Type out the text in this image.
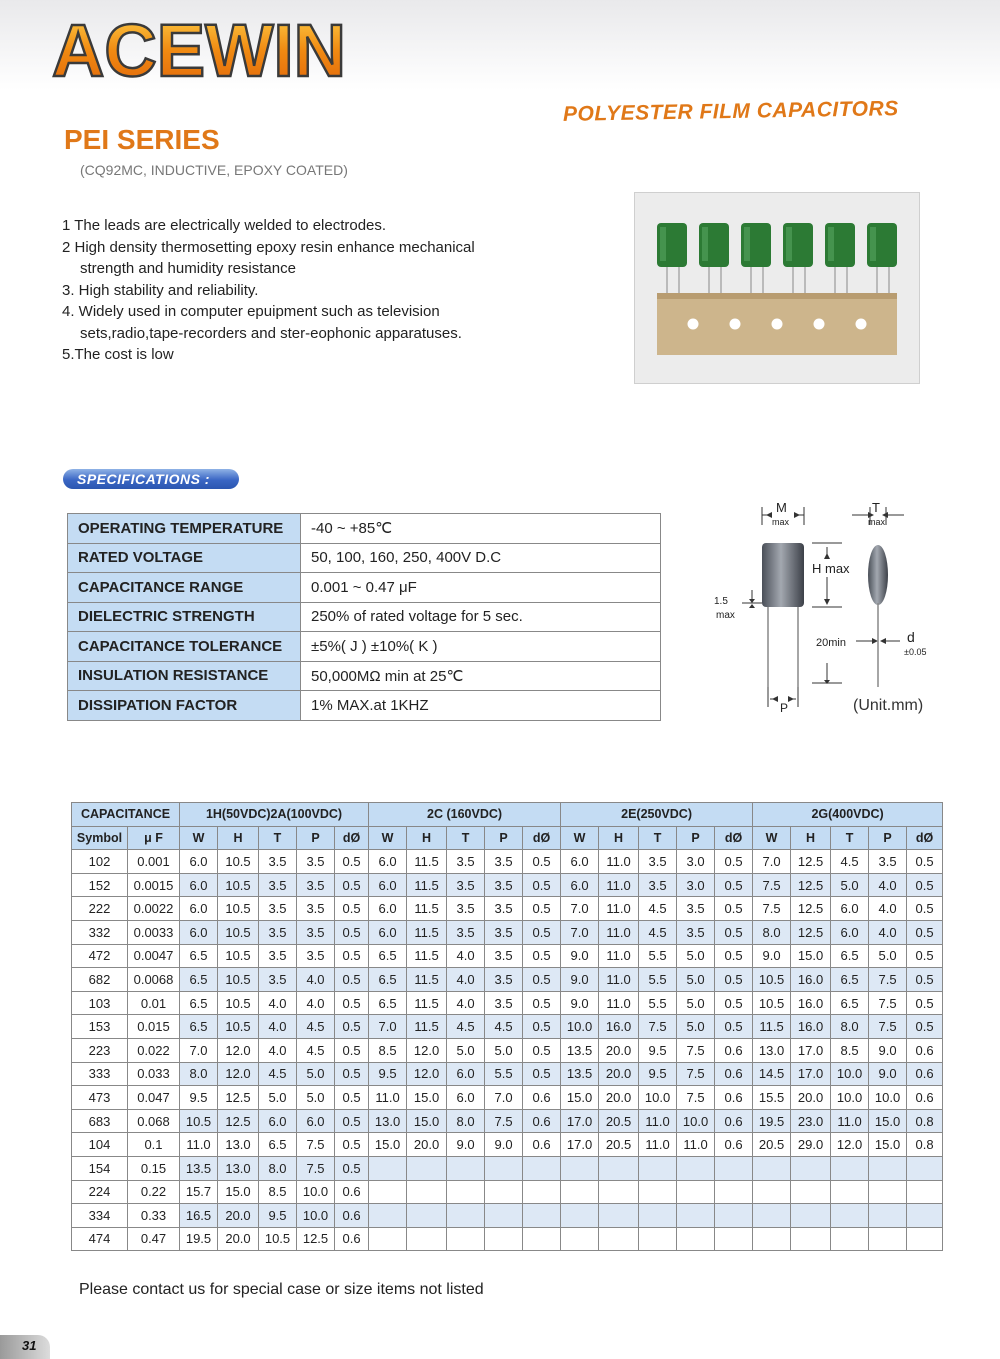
ACEWIN
POLYESTER FILM CAPACITORS
PEI SERIES
(CQ92MC, INDUCTIVE, EPOXY COATED)
1 The leads are electrically welded to electrodes.
2 High density thermosetting epoxy resin enhance mechanical strength and humidity resistance
3. High stability and reliability.
4. Widely used in computer epuipment such as television sets,radio,tape-recorders and ster-eophonic apparatuses.
5.The cost is low
SPECIFICATIONS :
OPERATING TEMPERATURE	-40 ~ +85℃
RATED VOLTAGE	50, 100, 160, 250, 400V D.C
CAPACITANCE RANGE	0.001 ~ 0.47 μF
DIELECTRIC STRENGTH	250% of rated voltage for 5 sec.
CAPACITANCE TOLERANCE	±5%( J ) ±10%( K )
INSULATION RESISTANCE	50,000MΩ min at 25℃
DISSIPATION FACTOR	1% MAX.at 1KHZ
M
max
T
max
H max
1.5
max
20min	d
±0.05
P	(Unit.mm)
CAPACITANCE		1H(50VDC)2A(100VDC)					2C (160VDC)					2E(250VDC)					2G(400VDC)				
Symbol	μ F	W	H	T	P	dØ	W	H	T	P	dØ	W	H	T	P	dØ	W	H	T	P	dØ
102	0.001	6.0	10.5	3.5	3.5	0.5	6.0	11.5	3.5	3.5	0.5	6.0	11.0	3.5	3.0	0.5	7.0	12.5	4.5	3.5	0.5
152	0.0015	6.0	10.5	3.5	3.5	0.5	6.0	11.5	3.5	3.5	0.5	6.0	11.0	3.5	3.0	0.5	7.5	12.5	5.0	4.0	0.5
222	0.0022	6.0	10.5	3.5	3.5	0.5	6.0	11.5	3.5	3.5	0.5	7.0	11.0	4.5	3.5	0.5	7.5	12.5	6.0	4.0	0.5
332	0.0033	6.0	10.5	3.5	3.5	0.5	6.0	11.5	3.5	3.5	0.5	7.0	11.0	4.5	3.5	0.5	8.0	12.5	6.0	4.0	0.5
472	0.0047	6.5	10.5	3.5	3.5	0.5	6.5	11.5	4.0	3.5	0.5	9.0	11.0	5.5	5.0	0.5	9.0	15.0	6.5	5.0	0.5
682	0.0068	6.5	10.5	3.5	4.0	0.5	6.5	11.5	4.0	3.5	0.5	9.0	11.0	5.5	5.0	0.5	10.5	16.0	6.5	7.5	0.5
103	0.01	6.5	10.5	4.0	4.0	0.5	6.5	11.5	4.0	3.5	0.5	9.0	11.0	5.5	5.0	0.5	10.5	16.0	6.5	7.5	0.5
153	0.015	6.5	10.5	4.0	4.5	0.5	7.0	11.5	4.5	4.5	0.5	10.0	16.0	7.5	5.0	0.5	11.5	16.0	8.0	7.5	0.5
223	0.022	7.0	12.0	4.0	4.5	0.5	8.5	12.0	5.0	5.0	0.5	13.5	20.0	9.5	7.5	0.6	13.0	17.0	8.5	9.0	0.6
333	0.033	8.0	12.0	4.5	5.0	0.5	9.5	12.0	6.0	5.5	0.5	13.5	20.0	9.5	7.5	0.6	14.5	17.0	10.0	9.0	0.6
473	0.047	9.5	12.5	5.0	5.0	0.5	11.0	15.0	6.0	7.0	0.6	15.0	20.0	10.0	7.5	0.6	15.5	20.0	10.0	10.0	0.6
683	0.068	10.5	12.5	6.0	6.0	0.5	13.0	15.0	8.0	7.5	0.6	17.0	20.5	11.0	10.0	0.6	19.5	23.0	11.0	15.0	0.8
104	0.1	11.0	13.0	6.5	7.5	0.5	15.0	20.0	9.0	9.0	0.6	17.0	20.5	11.0	11.0	0.6	20.5	29.0	12.0	15.0	0.8
154	0.15	13.5	13.0	8.0	7.5	0.5															
224	0.22	15.7	15.0	8.5	10.0	0.6															
334	0.33	16.5	20.0	9.5	10.0	0.6															
474	0.47	19.5	20.0	10.5	12.5	0.6															
Please contact us for special case or size items not listed
31
